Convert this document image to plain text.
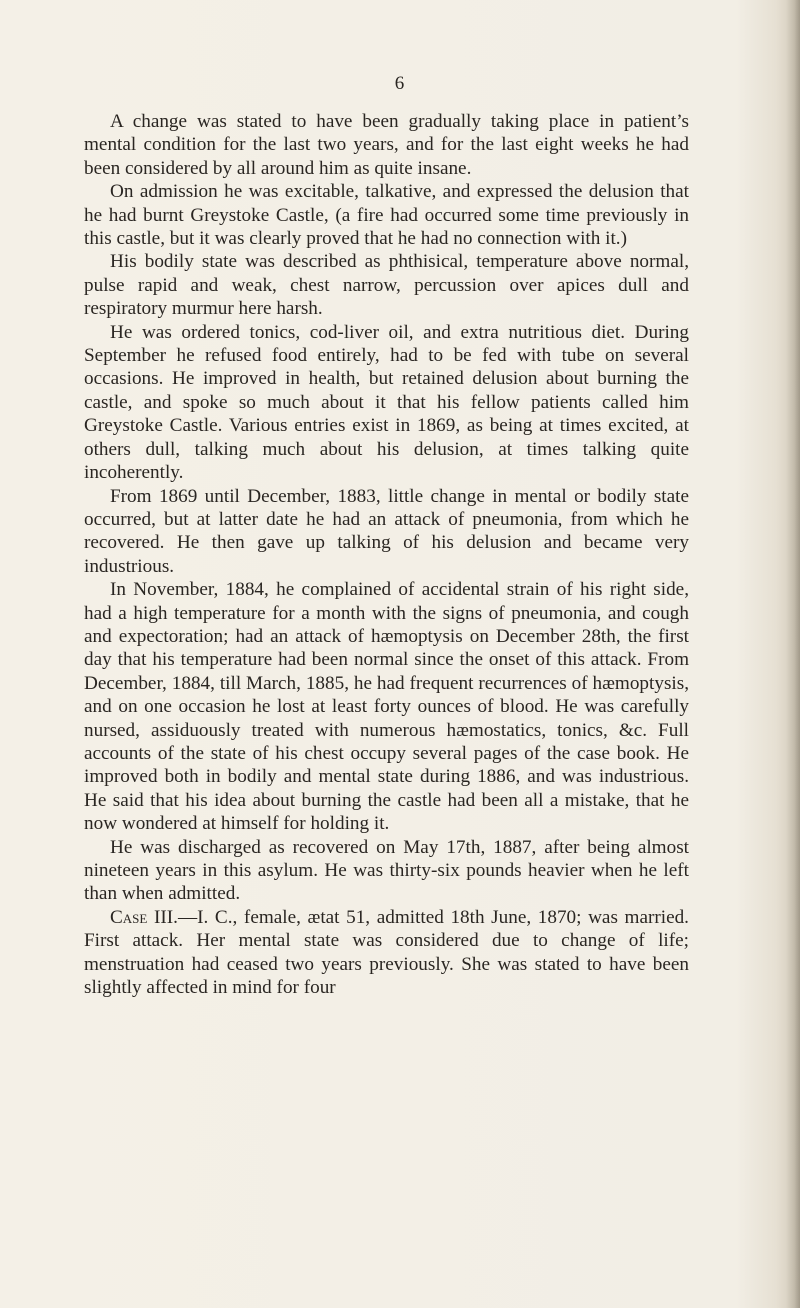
6

A change was stated to have been gradually taking place in patient’s mental condition for the last two years, and for the last eight weeks he had been considered by all around him as quite insane.

On admission he was excitable, talkative, and expressed the delusion that he had burnt Greystoke Castle, (a fire had occurred some time previously in this castle, but it was clearly proved that he had no connection with it.)

His bodily state was described as phthisical, temperature above normal, pulse rapid and weak, chest narrow, percussion over apices dull and respiratory murmur here harsh.

He was ordered tonics, cod-liver oil, and extra nutritious diet. During September he refused food entirely, had to be fed with tube on several occasions. He improved in health, but retained delusion about burning the castle, and spoke so much about it that his fellow patients called him Greystoke Castle. Various entries exist in 1869, as being at times excited, at others dull, talking much about his delusion, at times talking quite incoherently.

From 1869 until December, 1883, little change in mental or bodily state occurred, but at latter date he had an attack of pneumonia, from which he recovered. He then gave up talking of his delusion and became very industrious.

In November, 1884, he complained of accidental strain of his right side, had a high temperature for a month with the signs of pneumonia, and cough and expectoration; had an attack of hæmoptysis on December 28th, the first day that his temperature had been normal since the onset of this attack. From December, 1884, till March, 1885, he had frequent recurrences of hæmoptysis, and on one occasion he lost at least forty ounces of blood. He was carefully nursed, assiduously treated with numerous hæmostatics, tonics, &c. Full accounts of the state of his chest occupy several pages of the case book. He improved both in bodily and mental state during 1886, and was industrious. He said that his idea about burning the castle had been all a mistake, that he now wondered at himself for holding it.

He was discharged as recovered on May 17th, 1887, after being almost nineteen years in this asylum. He was thirty-six pounds heavier when he left than when admitted.

Case III.—I. C., female, ætat 51, admitted 18th June, 1870; was married. First attack. Her mental state was considered due to change of life; menstruation had ceased two years previously. She was stated to have been slightly affected in mind for four
